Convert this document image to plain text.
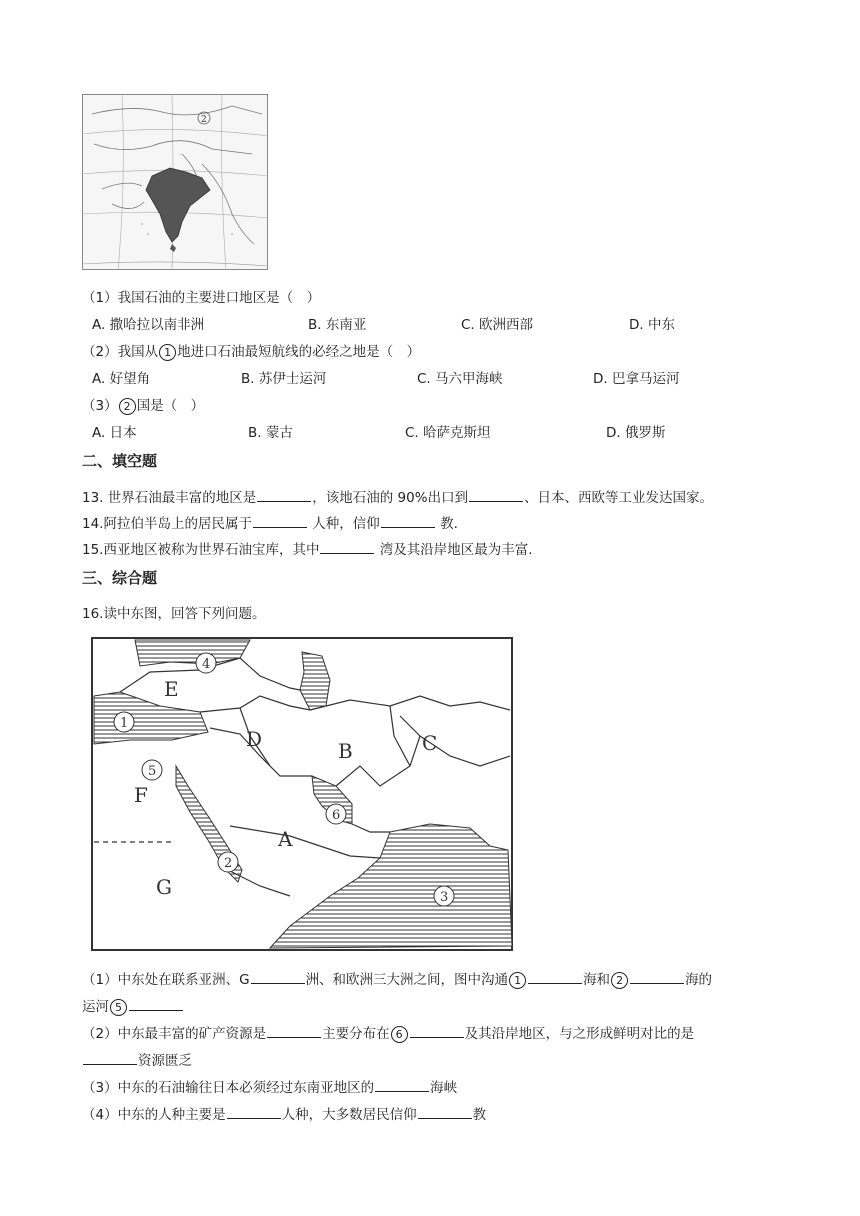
2
（1）我国石油的主要进口地区是（　）
A. 撒哈拉以南非洲	B. 东南亚	C. 欧洲西部	D. 中东
（2）我国从 1 地进口石油最短航线的必经之地是（　）
A. 好望角	B. 苏伊士运河	C. 马六甲海峡	D. 巴拿马运河
（3） 2 国是（　）
A. 日本	B. 蒙古	C. 哈萨克斯坦	D. 俄罗斯
二、填空题
13. 世界石油最丰富的地区是	，该地石油的 90%出口到	、日本、西欧等工业发达国家。
14.阿拉伯半岛上的居民属于	人种，信仰	教.
15.西亚地区被称为世界石油宝库，其中	湾及其沿岸地区最为丰富.
三、综合题
16.读中东图，回答下列问题。
E
D	B	C
F
A
G
4
1
5
6
2
3
（1）中东处在联系亚洲、G	洲、和欧洲三大洲之间，图中沟通 1	海和 2	海的
运河 5
（2）中东最丰富的矿产资源是	主要分布在 6	及其沿岸地区，与之形成鲜明对比的是
资源匮乏
（3）中东的石油输往日本必须经过东南亚地区的	海峡
（4）中东的人种主要是	人种，大多数居民信仰	教
